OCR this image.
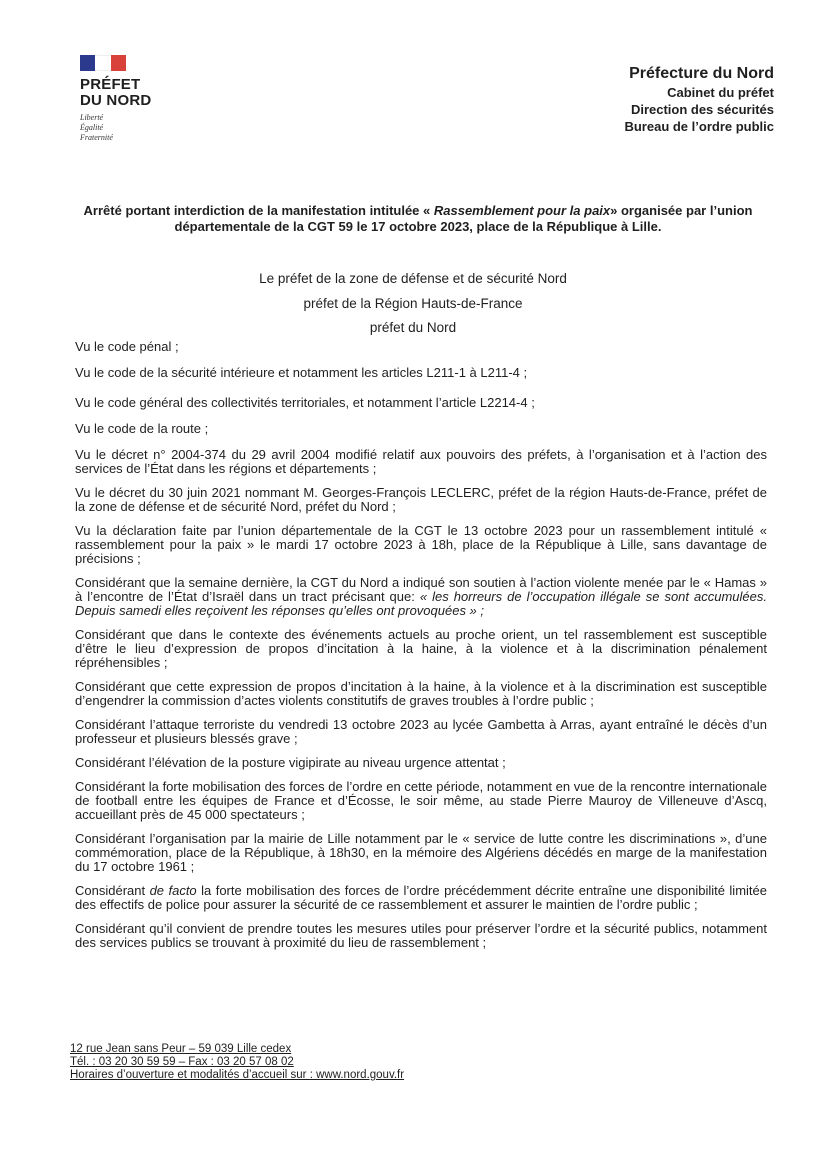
PRÉFET
DU NORD
Liberté
Égalité
Fraternité
Préfecture du Nord
Cabinet du préfet
Direction des sécurités
Bureau de l’ordre public
Arrêté portant interdiction de la manifestation intitulée « Rassemblement pour la paix» organisée par l’union départementale de la CGT 59 le 17 octobre 2023, place de la République à Lille.
Le préfet de la zone de défense et de sécurité Nord
préfet de la Région Hauts-de-France
préfet du Nord

Vu le code pénal ;

Vu le code de la sécurité intérieure et notamment les articles L211-1 à L211-4 ;

Vu le code général des collectivités territoriales, et notamment l’article L2214-4 ;

Vu le code de la route ;

Vu le décret n° 2004-374 du 29 avril 2004 modifié relatif aux pouvoirs des préfets, à l’organisation et à l’action des services de l’État dans les régions et départements ;

Vu le décret du 30 juin 2021 nommant M. Georges-François LECLERC, préfet de la région Hauts-de-France, préfet de la zone de défense et de sécurité Nord, préfet du Nord ;

Vu la déclaration faite par l’union départementale de la CGT le 13 octobre 2023 pour un rassemblement intitulé « rassemblement pour la paix » le mardi 17 octobre 2023 à 18h, place de la République à Lille, sans davantage de précisions ;

Considérant que la semaine dernière, la CGT du Nord a indiqué son soutien à l’action violente menée par le « Hamas » à l’encontre de l’État d’Israël dans un tract précisant que: « les horreurs de l’occupation illégale se sont accumulées. Depuis samedi elles reçoivent les réponses qu’elles ont provoquées » ;

Considérant que dans le contexte des événements actuels au proche orient, un tel rassemblement est susceptible d’être le lieu d’expression de propos d’incitation à la haine, à la violence et à la discrimination pénalement répréhensibles ;

Considérant que cette expression de propos d’incitation à la haine, à la violence et à la discrimination est susceptible d’engendrer la commission d’actes violents constitutifs de graves troubles à l’ordre public ;

Considérant l’attaque terroriste du vendredi 13 octobre 2023 au lycée Gambetta à Arras, ayant entraîné le décès d’un professeur et plusieurs blessés grave ;

Considérant l’élévation de la posture vigipirate au niveau urgence attentat ;

Considérant la forte mobilisation des forces de l’ordre en cette période, notamment en vue de la rencontre internationale de football entre les équipes de France et d’Écosse, le soir même, au stade Pierre Mauroy de Villeneuve d’Ascq, accueillant près de 45 000 spectateurs ;

Considérant l’organisation par la mairie de Lille notamment par le « service de lutte contre les discriminations », d’une commémoration, place de la République, à 18h30, en la mémoire des Algériens décédés en marge de la manifestation du 17 octobre 1961 ;

Considérant de facto la forte mobilisation des forces de l’ordre précédemment décrite entraîne une disponibilité limitée des effectifs de police pour assurer la sécurité de ce rassemblement et assurer le maintien de l’ordre public ;

Considérant qu’il convient de prendre toutes les mesures utiles pour préserver l’ordre et la sécurité publics, notamment des services publics se trouvant à proximité du lieu de rassemblement ;

12 rue Jean sans Peur – 59 039 Lille cedex
Tél. : 03 20 30 59 59 – Fax : 03 20 57 08 02
Horaires d’ouverture et modalités d’accueil sur : www.nord.gouv.fr
